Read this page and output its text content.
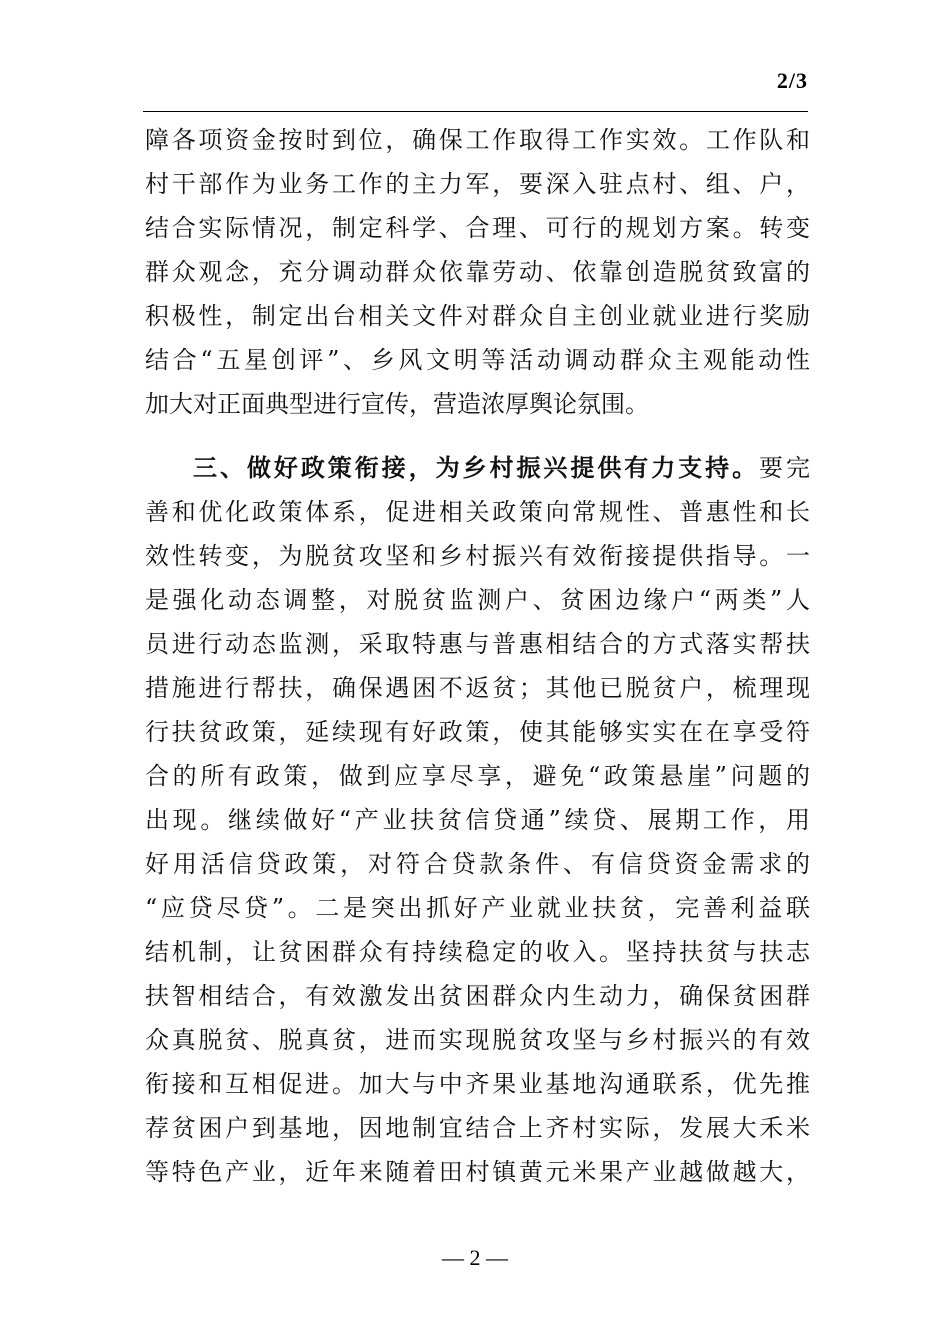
2/3
障各项资金按时到位，确保工作取得工作实效。工作队和
村干部作为业务工作的主力军，要深入驻点村、组、户，
结合实际情况，制定科学、合理、可行的规划方案。转变
群众观念，充分调动群众依靠劳动、依靠创造脱贫致富的
积极性，制定出台相关文件对群众自主创业就业进行奖励
结合“五星创评”、乡风文明等活动调动群众主观能动性
加大对正面典型进行宣传，营造浓厚舆论氛围。
三、做好政策衔接，为乡村振兴提供有力支持。要完
善和优化政策体系，促进相关政策向常规性、普惠性和长
效性转变，为脱贫攻坚和乡村振兴有效衔接提供指导。一
是强化动态调整，对脱贫监测户、贫困边缘户“两类”人
员进行动态监测，采取特惠与普惠相结合的方式落实帮扶
措施进行帮扶，确保遇困不返贫；其他已脱贫户，梳理现
行扶贫政策，延续现有好政策，使其能够实实在在享受符
合的所有政策，做到应享尽享，避免“政策悬崖”问题的
出现。继续做好“产业扶贫信贷通”续贷、展期工作，用
好用活信贷政策，对符合贷款条件、有信贷资金需求的
“应贷尽贷”。二是突出抓好产业就业扶贫，完善利益联
结机制，让贫困群众有持续稳定的收入。坚持扶贫与扶志
扶智相结合，有效激发出贫困群众内生动力，确保贫困群
众真脱贫、脱真贫，进而实现脱贫攻坚与乡村振兴的有效
衔接和互相促进。加大与中齐果业基地沟通联系，优先推
荐贫困户到基地，因地制宜结合上齐村实际，发展大禾米
等特色产业，近年来随着田村镇黄元米果产业越做越大，
— 2 —
